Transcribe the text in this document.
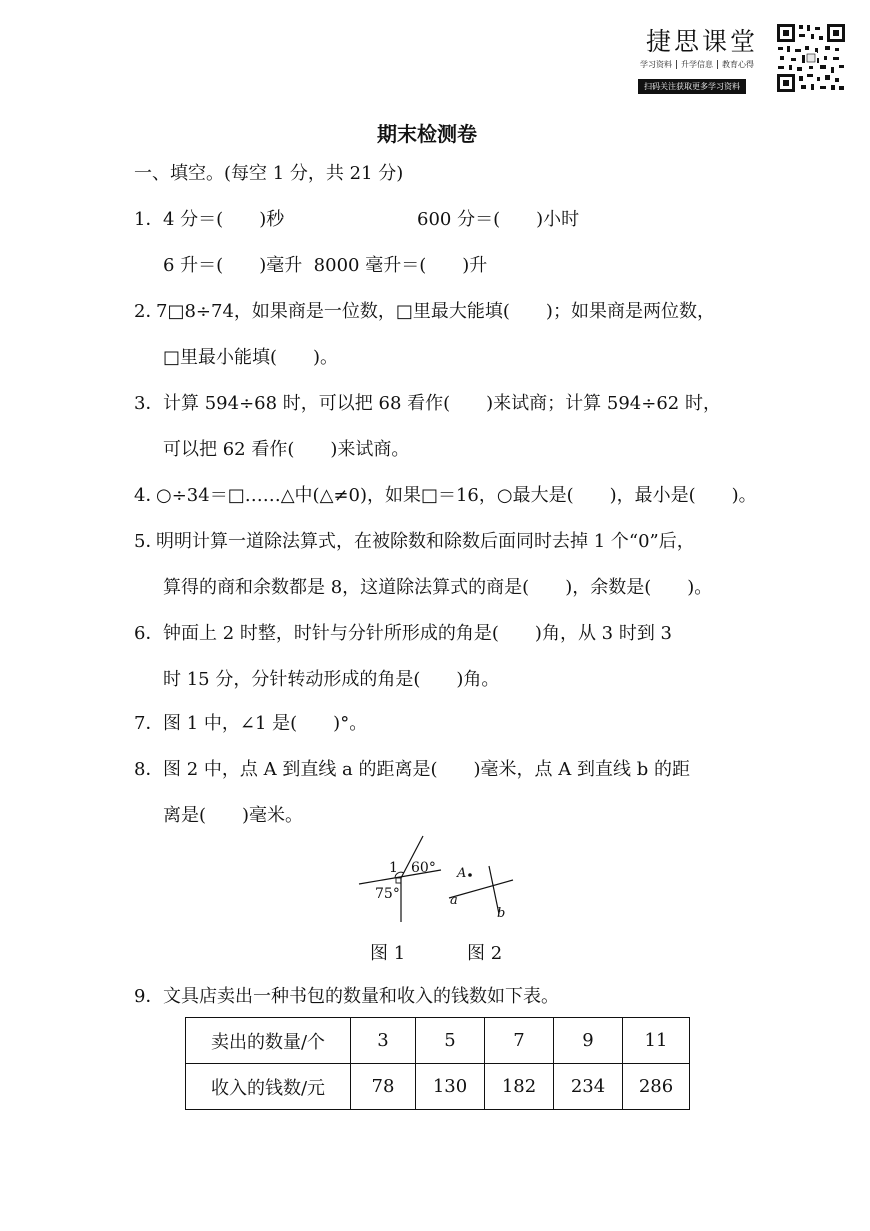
捷思课堂
学习资料 升学信息 教育心得
扫码关注获取更多学习资料
期末检测卷
一、填空。(每空 1 分，共 21 分)
1． 4 分＝(　　)秒	600 分＝(　　)小时
6 升＝(　　)毫升  8000 毫升＝(　　)升
2．
7□8÷74，如果商是一位数，□里最大能填(　　)；如果商是两位数，
□里最小能填(　　)。
3． 计算 594÷68 时，可以把 68 看作(　　)来试商；计算 594÷62 时，
可以把 62 看作(　　)来试商。
4．
○÷34＝□……△中(△≠0)，如果□＝16，○最大是(　　)，最小是(　　)。
5．
明明计算一道除法算式，在被除数和除数后面同时去掉 1 个“0”后，
算得的商和余数都是 8，这道除法算式的商是(　　)，余数是(　　)。
6． 钟面上 2 时整，时针与分针所形成的角是(　　)角，从 3 时到 3
时 15 分，分针转动形成的角是(　　)角。
7． 图 1 中，∠1 是(　　)°。
8． 图 2 中，点 A 到直线 a 的距离是(　　)毫米，点 A 到直线 b 的距
离是(　　)毫米。
1 60°
75°
A
a
b
图 1	图 2
9． 文具店卖出一种书包的数量和收入的钱数如下表。
卖出的数量/个	3	5	7	9	11
收入的钱数/元	78	130	182	234	286
